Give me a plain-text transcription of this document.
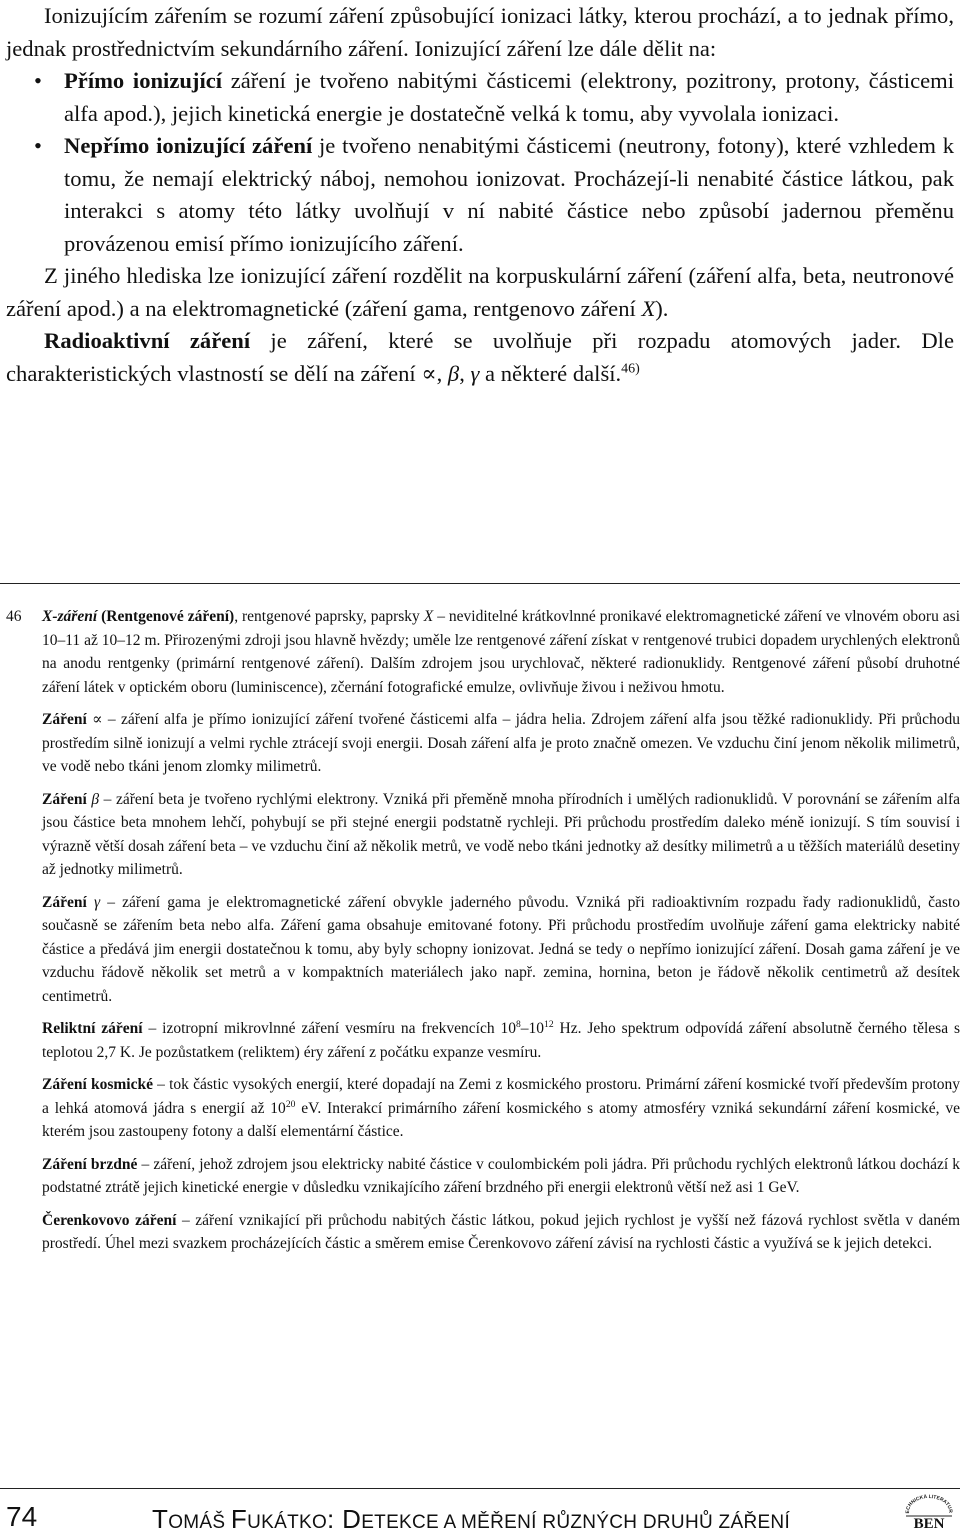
Ionizujícím zářením se rozumí záření způsobující ionizaci látky, kterou prochází, a to jednak přímo, jednak prostřednictvím sekundárního záření. Ionizující záření lze dále dělit na:

• Přímo ionizující záření je tvořeno nabitými částicemi (elektrony, pozitrony, protony, částicemi alfa apod.), jejich kinetická energie je dostatečně velká k tomu, aby vyvolala ionizaci.
• Nepřímo ionizující záření je tvořeno nenabitými částicemi (neutrony, fotony), které vzhledem k tomu, že nemají elektrický náboj, nemohou ionizovat. Procházejí-li nenabité částice látkou, pak interakci s atomy této látky uvolňují v ní nabité částice nebo způsobí jadernou přeměnu provázenou emisí přímo ionizujícího záření.

Z jiného hlediska lze ionizující záření rozdělit na korpuskulární záření (záření alfa, beta, neutronové záření apod.) a na elektromagnetické (záření gama, rentgenovo záření X).

Radioaktivní záření je záření, které se uvolňuje při rozpadu atomových jader. Dle charakteristických vlastností se dělí na záření ∝, β, γ a některé další.$^{46)}$

46 X-záření (Rentgenové záření), rentgenové paprsky, paprsky X – neviditelné krátkovlnné pronikavé elektromagnetické záření ve vlnovém oboru asi 10–11 až 10–12 m. Přirozenými zdroji jsou hlavně hvězdy; uměle lze rentgenové záření získat v rentgenové trubici dopadem urychlených elektronů na anodu rentgenky (primární rentgenové záření). Dalším zdrojem jsou urychlovač, některé radionuklidy. Rentgenové záření působí druhotné záření látek v optickém oboru (luminiscence), zčernání fotografické emulze, ovlivňuje živou i neživou hmotu.

Záření ∝ – záření alfa je přímo ionizující záření tvořené částicemi alfa – jádra helia. Zdrojem záření alfa jsou těžké radionuklidy. Při průchodu prostředím silně ionizují a velmi rychle ztrácejí svoji energii. Dosah záření alfa je proto značně omezen. Ve vzduchu činí jenom několik milimetrů, ve vodě nebo tkáni jenom zlomky milimetrů.

Záření β – záření beta je tvořeno rychlými elektrony. Vzniká při přeměně mnoha přírodních i umělých radionuklidů. V porovnání se zářením alfa jsou částice beta mnohem lehčí, pohybují se při stejné energii podstatně rychleji. Při průchodu prostředím daleko méně ionizují. S tím souvisí i výrazně větší dosah záření beta – ve vzduchu činí až několik metrů, ve vodě nebo tkáni jednotky až desítky milimetrů a u těžších materiálů desetiny až jednotky milimetrů.

Záření γ – záření gama je elektromagnetické záření obvykle jaderného původu. Vzniká při radioaktivním rozpadu řady radionuklidů, často současně se zářením beta nebo alfa. Záření gama obsahuje emitované fotony. Při průchodu prostředím uvolňuje záření gama elektricky nabité částice a předává jim energii dostatečnou k tomu, aby byly schopny ionizovat. Jedná se tedy o nepřímo ionizující záření. Dosah gama záření je ve vzduchu řádově několik set metrů a v kompaktních materiálech jako např. zemina, hornina, beton je řádově několik centimetrů až desítek centimetrů.

Reliktní záření – izotropní mikrovlnné záření vesmíru na frekvencích $10^8-10^{12}$ Hz. Jeho spektrum odpovídá záření absolutně černého tělesa s teplotou 2,7 K. Je pozůstatkem (reliktem) éry záření z počátku expanze vesmíru.

Záření kosmické – tok částic vysokých energií, které dopadají na Zemi z kosmického prostoru. Primární záření kosmické tvoří především protony a lehká atomová jádra s energií až $10^{20}$ eV. Interakcí primárního záření kosmického s atomy atmosféry vzniká sekundární záření kosmické, ve kterém jsou zastoupeny fotony a další elementární částice.

Záření brzdné – záření, jehož zdrojem jsou elektricky nabité částice v coulombickém poli jádra. Při průchodu rychlých elektronů látkou dochází k podstatné ztrátě jejich kinetické energie v důsledku vznikajícího záření brzdného při energii elektronů větší než asi 1 GeV.

Čerenkovovo záření – záření vznikající při průchodu nabitých částic látkou, pokud jejich rychlost je vyšší než fázová rychlost světla v daném prostředí. Úhel mezi svazkem procházejících částic a směrem emise Čerenkovovo záření závisí na rychlosti částic a využívá se k jejich detekci.

74	TOMÁŠ FUKÁTKO: DETEKCE A MĚŘENÍ RŮZNÝCH DRUHŮ ZÁŘENÍ
ECHNICKÁ LITERATUR
BEN
